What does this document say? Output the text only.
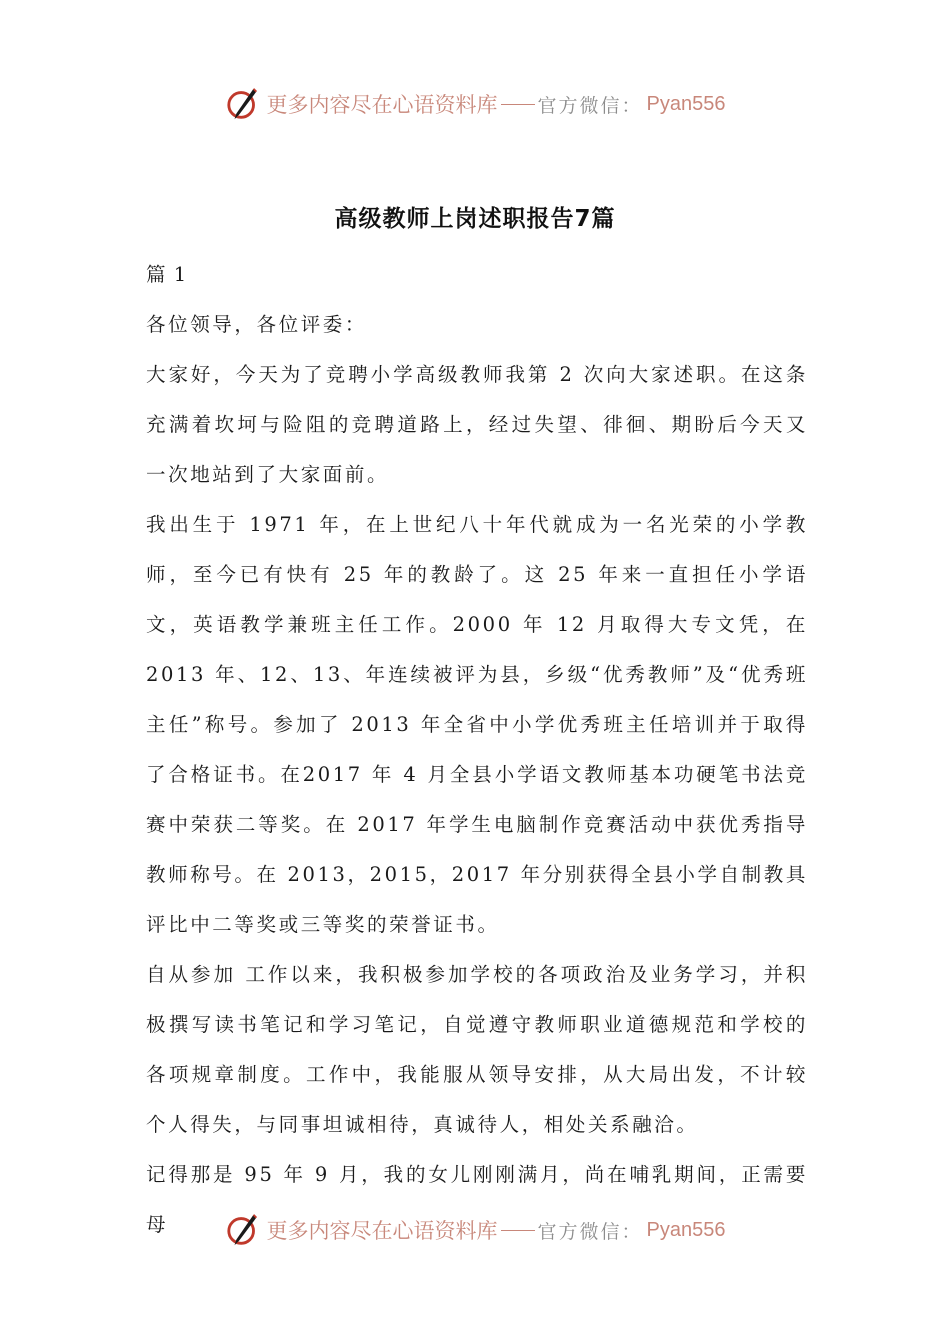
更多内容尽在心语资料库 官方微信： Pyan556
高级教师上岗述职报告7篇

篇 1

各位领导，各位评委：

大家好，今天为了竞聘小学高级教师我第 2 次向大家述职。在这条充满着坎坷与险阻的竞聘道路上，经过失望、徘徊、期盼后今天又一次地站到了大家面前。

我出生于 1971 年，在上世纪八十年代就成为一名光荣的小学教师，至今已有快有 25 年的教龄了。这 25 年来一直担任小学语文，英语教学兼班主任工作。2000 年 12 月取得大专文凭，在 2013 年、12、13、年连续被评为县，乡级“优秀教师”及“优秀班主任”称号。参加了 2013 年全省中小学优秀班主任培训并于取得了合格证书。在2017 年 4 月全县小学语文教师基本功硬笔书法竞赛中荣获二等奖。在 2017 年学生电脑制作竞赛活动中获优秀指导教师称号。在 2013，2015，2017 年分别获得全县小学自制教具评比中二等奖或三等奖的荣誉证书。

自从参加 工作以来，我积极参加学校的各项政治及业务学习，并积极撰写读书笔记和学习笔记，自觉遵守教师职业道德规范和学校的各项规章制度。工作中，我能服从领导安排，从大局出发，不计较个人得失，与同事坦诚相待，真诚待人，相处关系融洽。

记得那是 95 年 9 月，我的女儿刚刚满月，尚在哺乳期间，正需要母	更多内容尽在心语资料库 官方微信： Pyan556
